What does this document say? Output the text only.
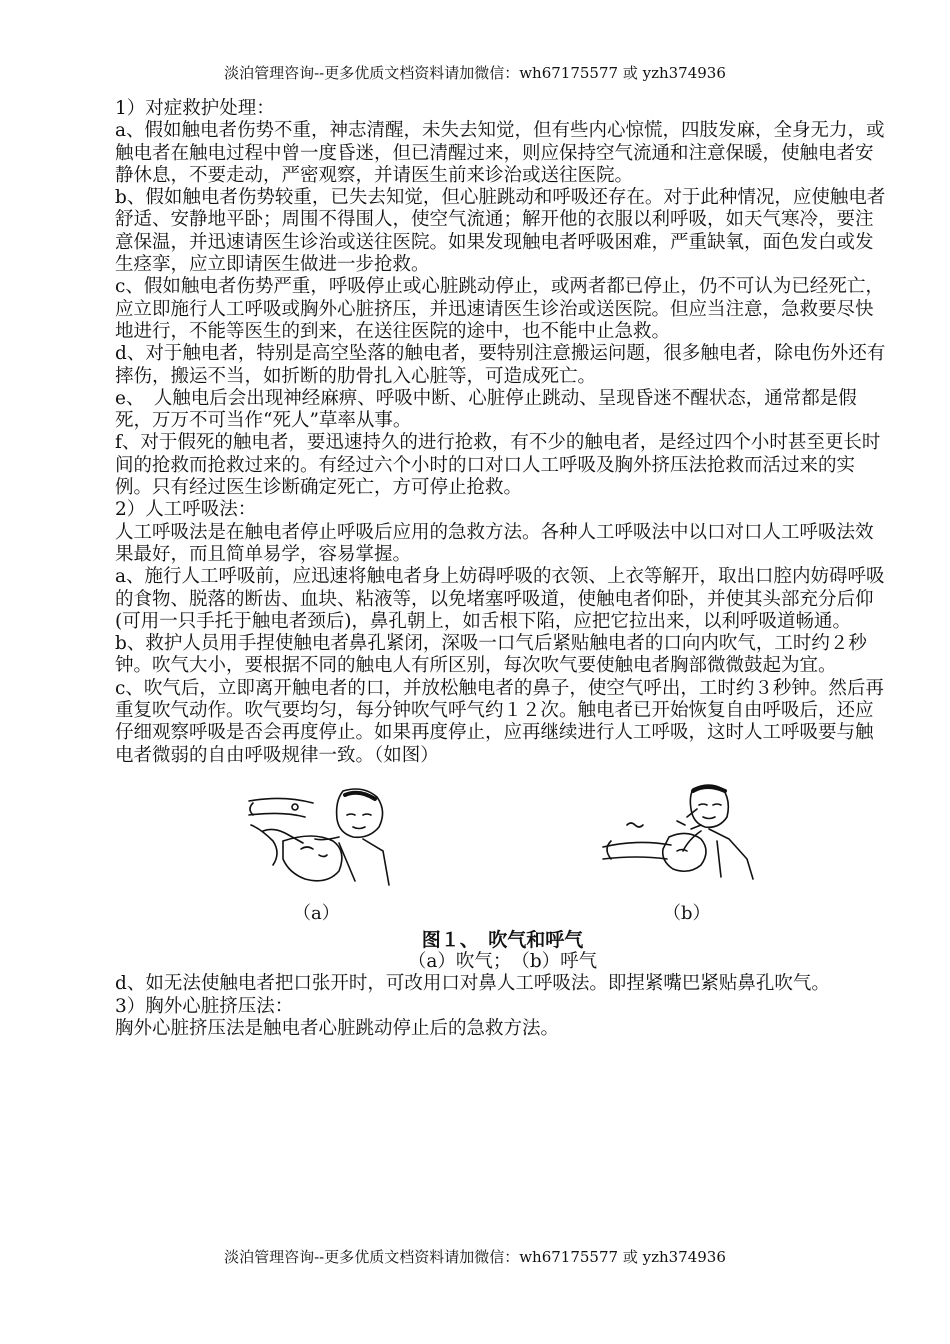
淡泊管理咨询--更多优质文档资料请加微信：wh67175577 或 yzh374936

1）对症救护处理：

a、假如触电者伤势不重，神志清醒，未失去知觉，但有些内心惊慌，四肢发麻，全身无力，或触电者在触电过程中曾一度昏迷，但已清醒过来，则应保持空气流通和注意保暖，使触电者安静休息，不要走动，严密观察，并请医生前来诊治或送往医院。

b、假如触电者伤势较重，已失去知觉，但心脏跳动和呼吸还存在。对于此种情况，应使触电者舒适、安静地平卧；周围不得围人，使空气流通；解开他的衣服以利呼吸，如天气寒冷，要注意保温，并迅速请医生诊治或送往医院。如果发现触电者呼吸困难，严重缺氧，面色发白或发生痉挛，应立即请医生做进一步抢救。

c、假如触电者伤势严重，呼吸停止或心脏跳动停止，或两者都已停止，仍不可认为已经死亡，应立即施行人工呼吸或胸外心脏挤压，并迅速请医生诊治或送医院。但应当注意，急救要尽快地进行，不能等医生的到来，在送往医院的途中，也不能中止急救。

d、对于触电者，特别是高空坠落的触电者，要特别注意搬运问题，很多触电者，除电伤外还有摔伤，搬运不当，如折断的肋骨扎入心脏等，可造成死亡。

e、　人触电后会出现神经麻痹、呼吸中断、心脏停止跳动、呈现昏迷不醒状态，通常都是假死，万万不可当作“死人”草率从事。

f、对于假死的触电者，要迅速持久的进行抢救，有不少的触电者，是经过四个小时甚至更长时间的抢救而抢救过来的。有经过六个小时的口对口人工呼吸及胸外挤压法抢救而活过来的实例。只有经过医生诊断确定死亡，方可停止抢救。

2）人工呼吸法：

人工呼吸法是在触电者停止呼吸后应用的急救方法。各种人工呼吸法中以口对口人工呼吸法效果最好，而且简单易学，容易掌握。

a、施行人工呼吸前，应迅速将触电者身上妨碍呼吸的衣领、上衣等解开，取出口腔内妨碍呼吸的食物、脱落的断齿、血块、粘液等，以免堵塞呼吸道，使触电者仰卧，并使其头部充分后仰(可用一只手托于触电者颈后)，鼻孔朝上，如舌根下陷，应把它拉出来，以利呼吸道畅通。

b、救护人员用手捏使触电者鼻孔紧闭，深吸一口气后紧贴触电者的口向内吹气，工时约２秒钟。吹气大小，要根据不同的触电人有所区别，每次吹气要使触电者胸部微微鼓起为宜。

c、吹气后，立即离开触电者的口，并放松触电者的鼻子，使空气呼出，工时约３秒钟。然后再重复吹气动作。吹气要均匀，每分钟吹气呼气约１２次。触电者已开始恢复自由呼吸后，还应仔细观察呼吸是否会再度停止。如果再度停止，应再继续进行人工呼吸，这时人工呼吸要与触电者微弱的自由呼吸规律一致。（如图）

（a）	（b）
图１、　吹气和呼气

（a）吹气；　（b）呼气

d、如无法使触电者把口张开时，可改用口对鼻人工呼吸法。即捏紧嘴巴紧贴鼻孔吹气。

3）胸外心脏挤压法：

胸外心脏挤压法是触电者心脏跳动停止后的急救方法。

淡泊管理咨询--更多优质文档资料请加微信：wh67175577 或 yzh374936
